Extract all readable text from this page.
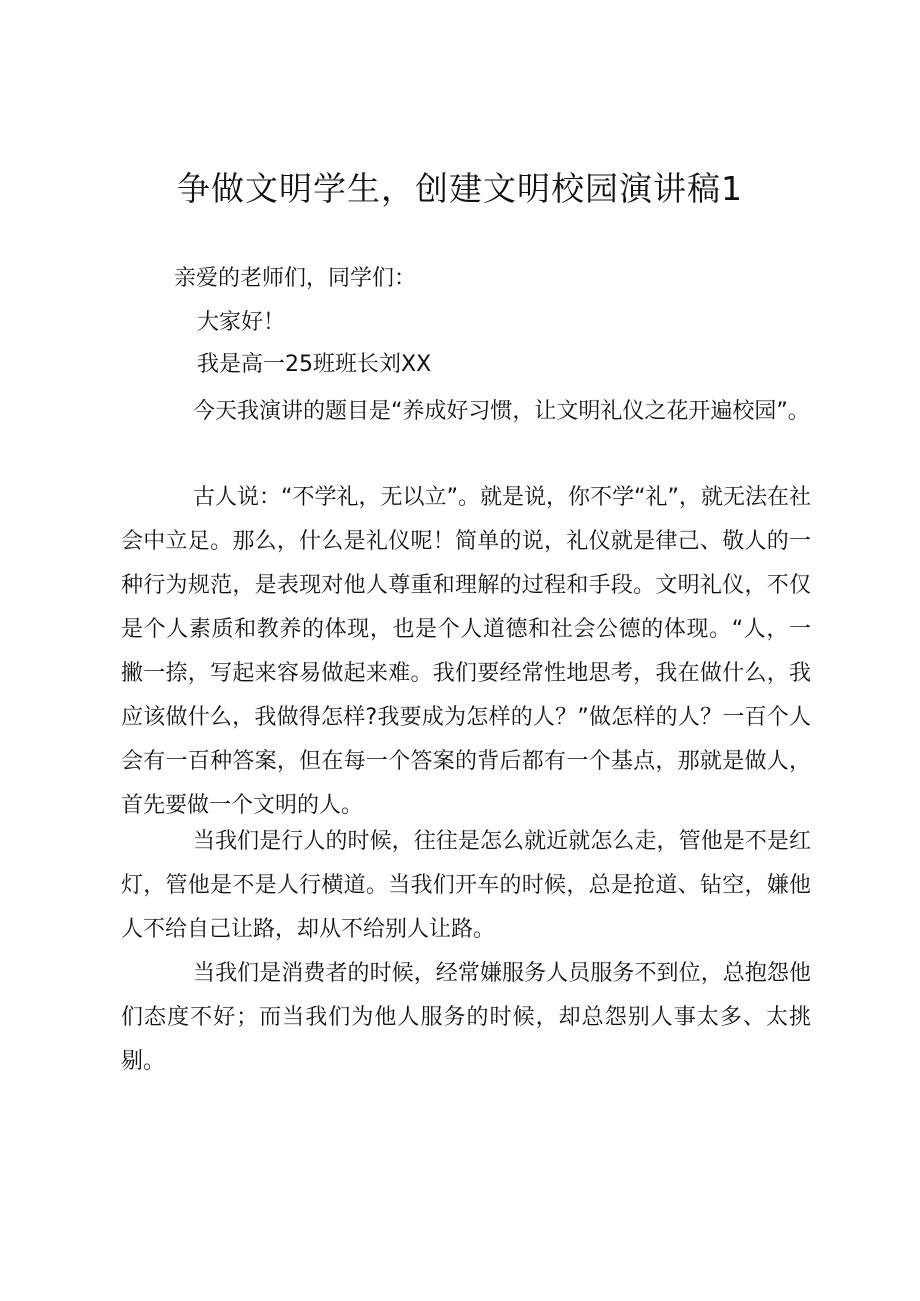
争做文明学生，创建文明校园演讲稿1

亲爱的老师们，同学们：

大家好！

我是高一25班班长刘XX

今天我演讲的题目是“养成好习惯，让文明礼仪之花开遍校园”。

古人说：“不学礼，无以立”。就是说，你不学“礼”，就无法在社会中立足。那么，什么是礼仪呢！简单的说，礼仪就是律己、敬人的一种行为规范，是表现对他人尊重和理解的过程和手段。文明礼仪，不仅是个人素质和教养的体现，也是个人道德和社会公德的体现。“人，一撇一捺，写起来容易做起来难。我们要经常性地思考，我在做什么，我应该做什么，我做得怎样?我要成为怎样的人？”做怎样的人？一百个人会有一百种答案，但在每一个答案的背后都有一个基点，那就是做人，首先要做一个文明的人。

当我们是行人的时候，往往是怎么就近就怎么走，管他是不是红灯，管他是不是人行横道。当我们开车的时候，总是抢道、钻空，嫌他人不给自己让路，却从不给别人让路。

当我们是消费者的时候，经常嫌服务人员服务不到位，总抱怨他们态度不好；而当我们为他人服务的时候，却总怨别人事太多、太挑剔。
